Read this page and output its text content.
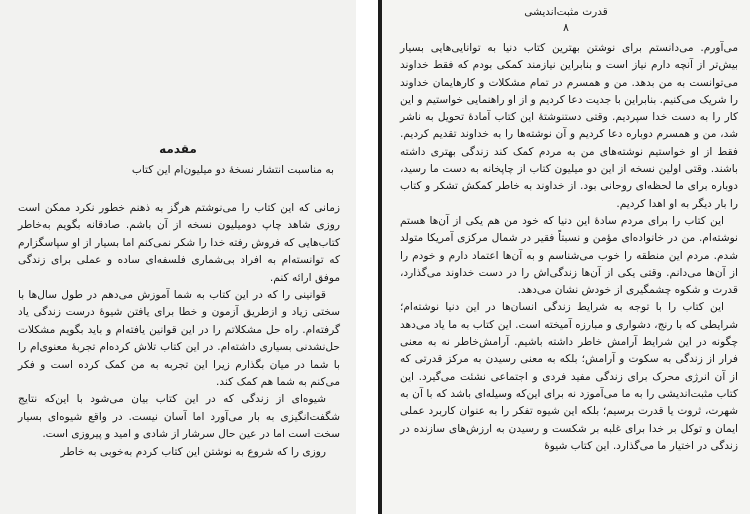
مقدمه
به مناسبت انتشار نسخهٔ دو میلیون‌ام این کتاب

زمانی که این کتاب را می‌نوشتم هرگز به ذهنم خطور نکرد ممکن است روزی شاهد چاپ دومیلیون نسخه از آن باشم. صادقانه بگویم به‌خاطر کتاب‌هایی که فروش رفته خدا را شکر نمی‌کنم اما بسیار از او سپاسگزارم که توانسته‌ام به افراد بی‌شماری فلسفه‌ای ساده و عملی برای زندگی موفق ارائه کنم.

قوانینی را که در این کتاب به شما آموزش می‌دهم در طول سال‌ها با سختی زیاد و ازطریق آزمون و خطا برای یافتن شیوهٔ درست زندگی یاد گرفته‌ام. راه حل مشکلاتم را در این قوانین یافته‌ام و باید بگویم مشکلات حل‌نشدنی بسیاری داشته‌ام. در این کتاب تلاش کرده‌ام تجربهٔ معنوی‌ام را با شما در میان بگذارم زیرا این تجربه به من کمک کرده است و فکر می‌کنم به شما هم کمک کند.

شیوه‌ای از زندگی که در این کتاب بیان می‌شود با این‌که نتایج شگفت‌انگیزی به بار می‌آورد اما آسان نیست. در واقع شیوه‌ای بسیار سخت است اما در عین حال سرشار از شادی و امید و پیروزی است.

روزی را که شروع به نوشتن این کتاب کردم به‌خوبی به خاطر

قدرت مثبت‌اندیشی
۸

می‌آورم. می‌دانستم برای نوشتن بهترین کتاب دنیا به توانایی‌هایی بسیار بیش‌تر از آنچه دارم نیاز است و بنابراین نیازمند کمکی بودم که فقط خداوند می‌توانست به من بدهد. من و همسرم در تمام مشکلات و کارهایمان خداوند را شریک می‌کنیم. بنابراین با جدیت دعا کردیم و از او راهنمایی خواستیم و این کار را به دست خدا سپردیم. وقتی دستنوشتهٔ این کتاب آمادهٔ تحویل به ناشر شد، من و همسرم دوباره دعا کردیم و آن نوشته‌ها را به خداوند تقدیم کردیم. فقط از او خواستیم نوشته‌های من به مردم کمک کند زندگی بهتری داشته باشند. وقتی اولین نسخه از این دو میلیون کتاب از چاپخانه به دست ما رسید، دوباره برای ما لحظه‌ای روحانی بود. از خداوند به خاطر کمکش تشکر و کتاب را بار دیگر به او اهدا کردیم.

این کتاب را برای مردم سادهٔ این دنیا که خود من هم یکی از آن‌ها هستم نوشته‌ام. من در خانواده‌ای مؤمن و نسبتاً فقیر در شمال مرکزی آمریکا متولد شدم. مردم این منطقه را خوب می‌شناسم و به آن‌ها اعتماد دارم و خودم را از آن‌ها می‌دانم. وقتی یکی از آن‌ها زندگی‌اش را در دست خداوند می‌گذارد، قدرت و شکوه چشمگیری از خودش نشان می‌دهد.

این کتاب را با توجه به شرایط زندگی انسان‌ها در این دنیا نوشته‌ام؛ شرایطی که با رنج، دشواری و مبارزه آمیخته است. این کتاب به ما یاد می‌دهد چگونه در این شرایط آرامش خاطر داشته باشیم. آرامش‌خاطر نه به معنی فرار از زندگی به سکوت و آرامش؛ بلکه به معنی رسیدن به مرکز قدرتی که از آن انرژی محرک برای زندگی مفید فردی و اجتماعی نشئت می‌گیرد. این کتاب مثبت‌اندیشی را به ما می‌آموزد نه برای این‌که وسیله‌ای باشد که با آن به شهرت، ثروت یا قدرت برسیم؛ بلکه این شیوه تفکر را به عنوان کاربرد عملی ایمان و توکل بر خدا برای غلبه بر شکست و رسیدن به ارزش‌های سازنده در زندگی در اختیار ما می‌گذارد. این کتاب شیوهٔ
